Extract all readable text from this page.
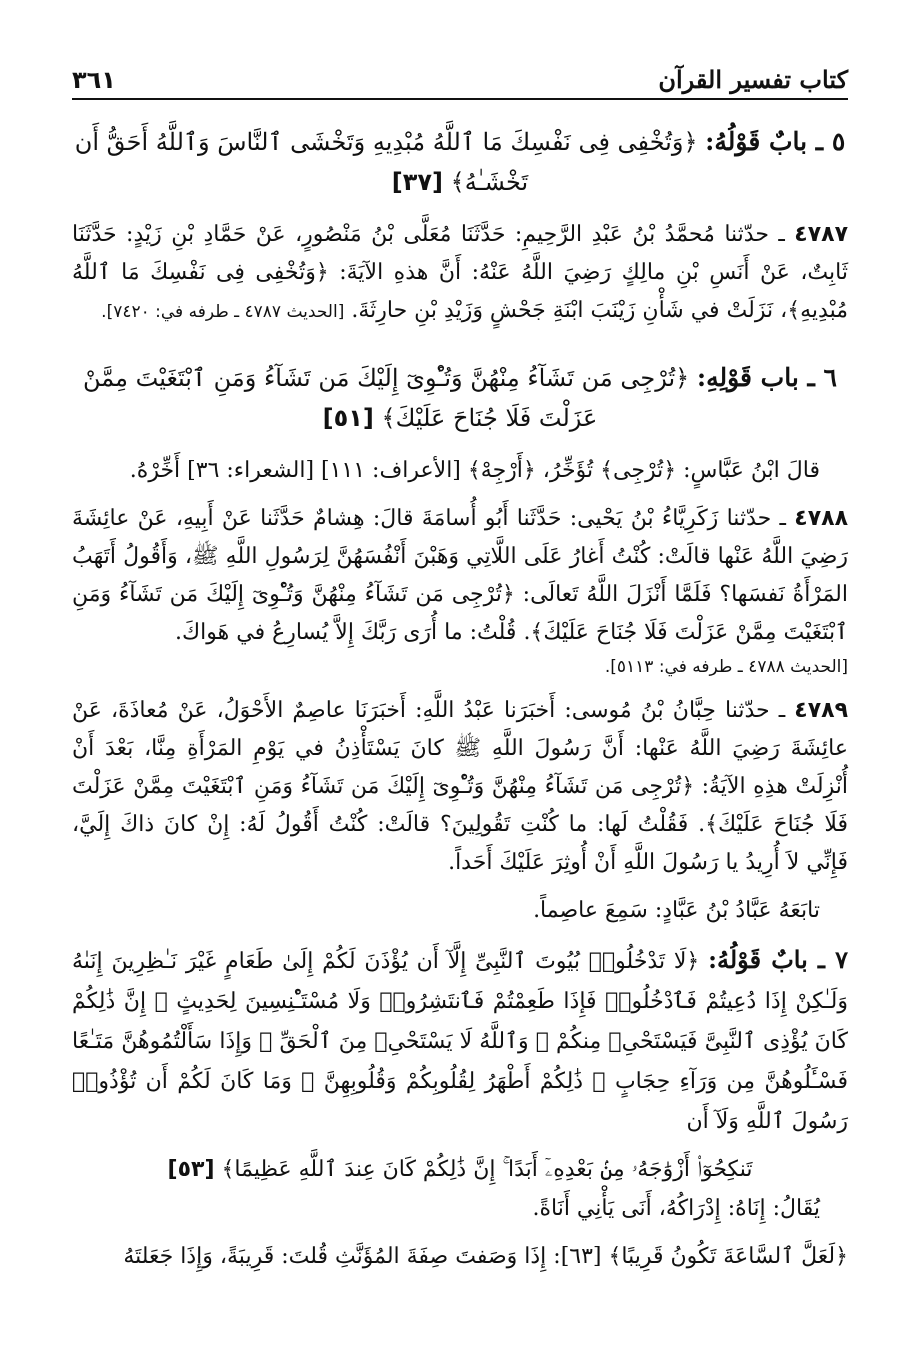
كتاب تفسير القرآن
٣٦١
٥ ـ بابٌ قَوْلُهُ: ﴿وَتُخْفِى فِى نَفْسِكَ مَا ٱللَّهُ مُبْدِيهِ وَتَخْشَى ٱلنَّاسَ وَٱللَّهُ أَحَقُّ أَن تَخْشَـٰهُ﴾ [٣٧]
٤٧٨٧ ـ حدّثنا مُحمَّدُ بْنُ عَبْدِ الرَّحِيمِ: حَدَّثَنَا مُعَلَّى بْنُ مَنْصُورٍ، عَنْ حَمَّادِ بْنِ زَيْدٍ: حَدَّثَنَا ثَابِتٌ، عَنْ أَنَسِ بْنِ مالِكٍ رَضِيَ اللَّهُ عَنْهُ: أَنَّ هذهِ الآيَةَ: ﴿وَتُخْفِى فِى نَفْسِكَ مَا ٱللَّهُ مُبْدِيهِ﴾، نَزَلَتْ في شَأْنِ زَيْنَبَ ابْنَةِ جَحْشٍ وَزَيْدِ بْنِ حارِثَةَ. [الحديث ٤٧٨٧ ـ طرفه في: ٧٤٢٠].
٦ ـ باب قَوْلِهِ: ﴿تُرْجِى مَن تَشَآءُ مِنْهُنَّ وَتُـْٔوِىٓ إِلَيْكَ مَن تَشَآءُ وَمَنِ ٱبْتَغَيْتَ مِمَّنْ عَزَلْتَ فَلَا جُنَاحَ عَلَيْكَ﴾ [٥١]
قالَ ابْنُ عَبَّاسٍ: ﴿تُرْجِى﴾ تُؤَخِّرُ، ﴿أَرْجِهْ﴾ [الأعراف: ١١١] [الشعراء: ٣٦] أَخِّرْهُ.
٤٧٨٨ ـ حدّثنا زَكَرِيَّاءُ بْنُ يَحْيى: حَدَّثَنا أَبُو أُسامَةَ قالَ: هِشامٌ حَدَّثَنا عَنْ أَبِيهِ، عَنْ عائِشَةَ رَضِيَ اللَّهُ عَنْها قالَتْ: كُنْتُ أَغارُ عَلَى اللَّاتِي وَهَبْنَ أَنْفُسَهُنَّ لِرَسُولِ اللَّهِ ﷺ، وَأَقُولُ أَتَهَبُ المَرْأَةُ نَفسَها؟ فَلَمَّا أَنْزَلَ اللَّهُ تَعالَى: ﴿تُرْجِى مَن تَشَآءُ مِنْهُنَّ وَتُـْٔوِىٓ إِلَيْكَ مَن تَشَآءُ وَمَنِ ٱبْتَغَيْتَ مِمَّنْ عَزَلْتَ فَلَا جُنَاحَ عَلَيْكَ﴾. قُلْتُ: ما أُرَى رَبَّكَ إِلاَّ يُسارِعُ في هَواكَ.
[الحديث ٤٧٨٨ ـ طرفه في: ٥١١٣].
٤٧٨٩ ـ حدّثنا حِبَّانُ بْنُ مُوسى: أَخبَرَنا عَبْدُ اللَّهِ: أَخبَرَنَا عاصِمٌ الأَحْوَلُ، عَنْ مُعاذَةَ، عَنْ عائِشَةَ رَضِيَ اللَّهُ عَنْها: أَنَّ رَسُولَ اللَّهِ ﷺ كانَ يَسْتَأْذِنُ في يَوْمِ المَرْأَةِ مِنَّا، بَعْدَ أَنْ أُنْزِلَتْ هذِهِ الآيَةُ: ﴿تُرْجِى مَن تَشَآءُ مِنْهُنَّ وَتُـْٔوِىٓ إِلَيْكَ مَن تَشَآءُ وَمَنِ ٱبْتَغَيْتَ مِمَّنْ عَزَلْتَ فَلَا جُنَاحَ عَلَيْكَ﴾. فَقُلْتُ لَها: ما كُنْتِ تَقُولِينَ؟ قالَتْ: كُنْتُ أَقُولُ لَهُ: إِنْ كانَ ذاكَ إِلَيَّ، فَإِنِّي لاَ أُرِيدُ يا رَسُولَ اللَّهِ أَنْ أُوثِرَ عَلَيْكَ أَحَداً.
تابَعَهُ عَبَّادُ بْنُ عَبَّادٍ: سَمِعَ عاصِماً.
٧ ـ بابٌ قَوْلُهُ: ﴿لَا تَدْخُلُوا۟ بُيُوتَ ٱلنَّبِىِّ إِلَّآ أَن يُؤْذَنَ لَكُمْ إِلَىٰ طَعَامٍ غَيْرَ نَـٰظِرِينَ إِنَىٰهُ وَلَـٰكِنْ إِذَا دُعِيتُمْ فَٱدْخُلُوا۟ فَإِذَا طَعِمْتُمْ فَٱنتَشِرُوا۟ وَلَا مُسْتَـْٔنِسِينَ لِحَدِيثٍ ۚ إِنَّ ذَٰلِكُمْ كَانَ يُؤْذِى ٱلنَّبِىَّ فَيَسْتَحْىِۦ مِنكُمْ ۖ وَٱللَّهُ لَا يَسْتَحْىِۦ مِنَ ٱلْحَقِّ ۚ وَإِذَا سَأَلْتُمُوهُنَّ مَتَـٰعًا فَسْـَٔلُوهُنَّ مِن وَرَآءِ حِجَابٍ ۚ ذَٰلِكُمْ أَطْهَرُ لِقُلُوبِكُمْ وَقُلُوبِهِنَّ ۚ وَمَا كَانَ لَكُمْ أَن تُؤْذُوا۟ رَسُولَ ٱللَّهِ وَلَآ أَن
تَنكِحُوٓا۟ أَزْوَٰجَهُۥ مِنۢ بَعْدِهِۦٓ أَبَدًا ۚ إِنَّ ذَٰلِكُمْ كَانَ عِندَ ٱللَّهِ عَظِيمًا﴾ [٥٣]
يُقَالُ: إِنَاهُ: إِدْرَاكُهُ، أَنَى يَأْنِي أَنَاةً.
﴿لَعَلَّ ٱلسَّاعَةَ تَكُونُ قَرِيبًا﴾ [٦٣]: إِذَا وَصَفتَ صِفَةَ المُؤَنَّثِ قُلتَ: قَرِيبَةً، وَإِذَا جَعَلتَهُ
